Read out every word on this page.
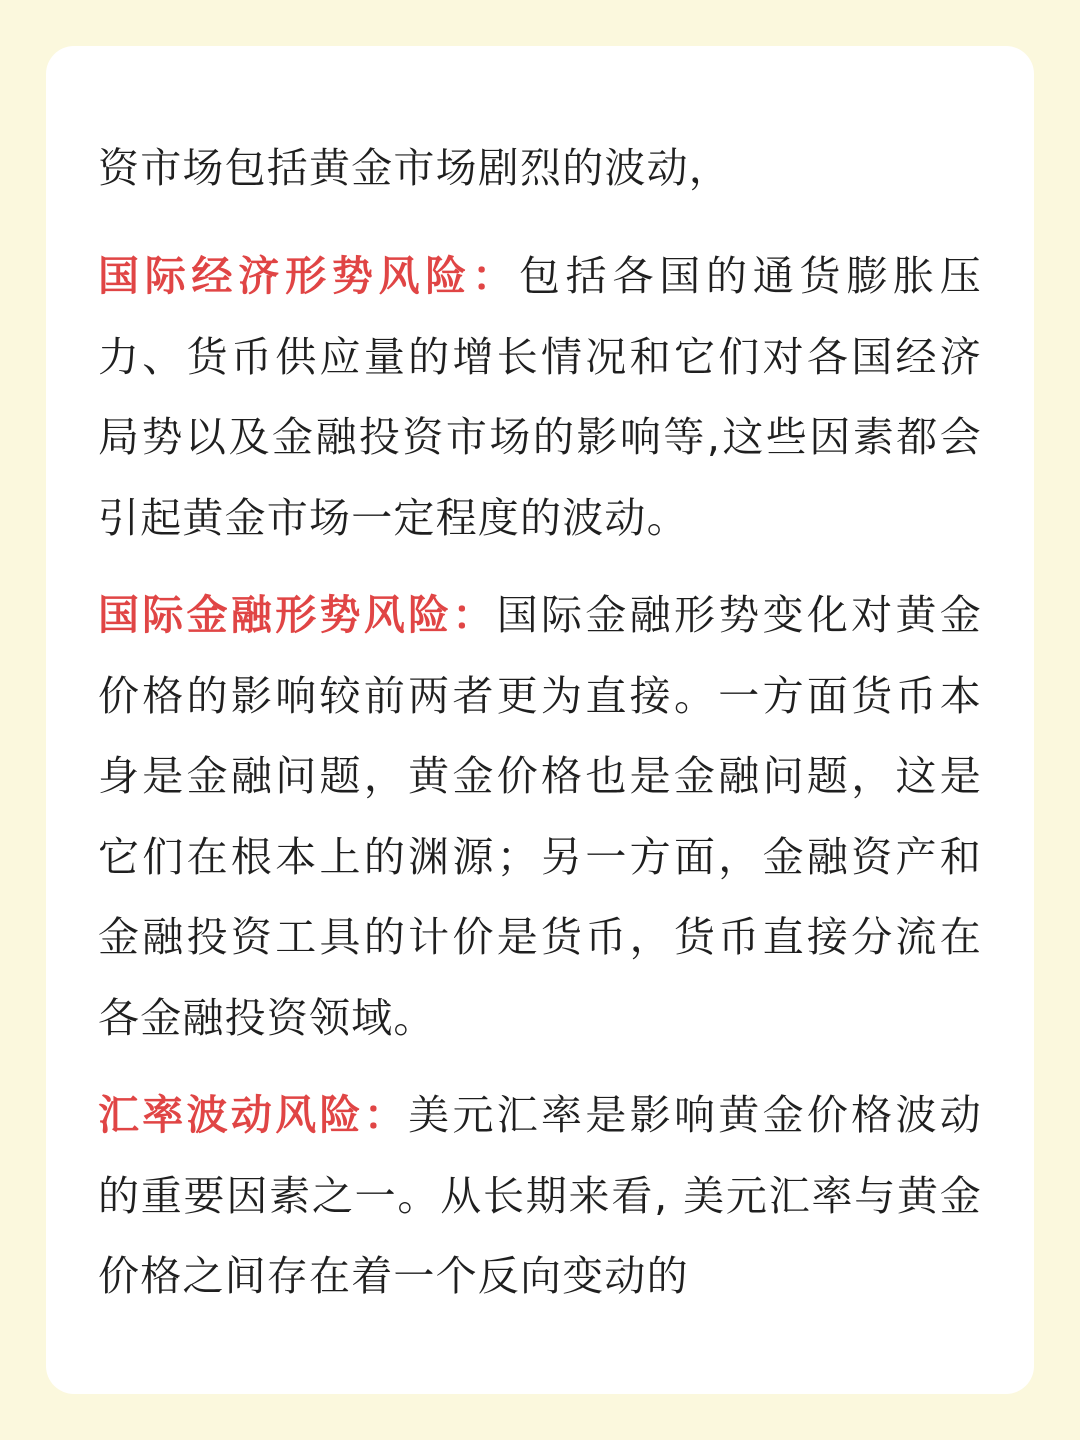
资市场包括黄金市场剧烈的波动，

国际经济形势风险：包括各国的通货膨胀压力、货币供应量的增长情况和它们对各国经济局势以及金融投资市场的影响等,这些因素都会引起黄金市场一定程度的波动。

国际金融形势风险：国际金融形势变化对黄金价格的影响较前两者更为直接。一方面货币本身是金融问题，黄金价格也是金融问题，这是它们在根本上的渊源；另一方面，金融资产和金融投资工具的计价是货币，货币直接分流在各金融投资领域。

汇率波动风险：美元汇率是影响黄金价格波动的重要因素之一。从长期来看, 美元汇率与黄金价格之间存在着一个反向变动的
